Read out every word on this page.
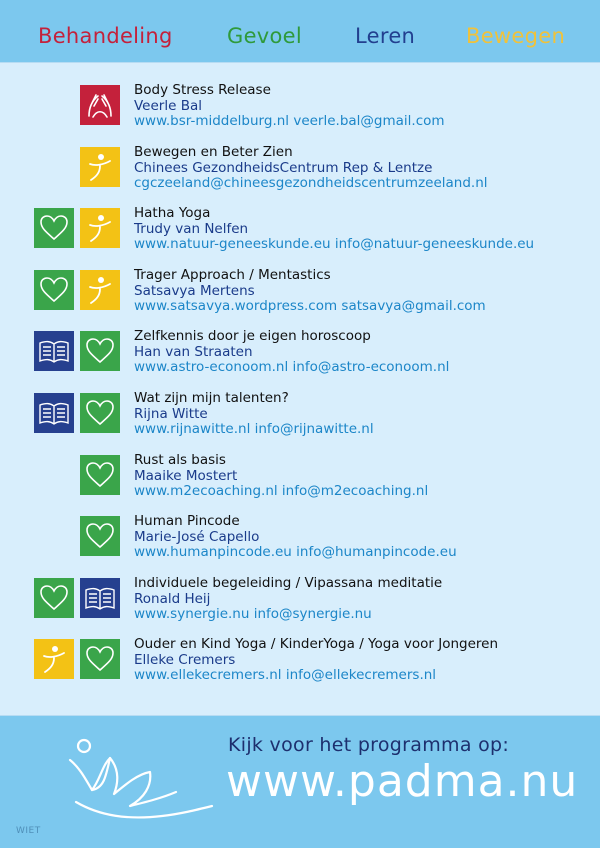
Behandeling	Gevoel	Leren Bewegen
Body Stress Release
Veerle Bal
www.bsr-middelburg.nl veerle.bal@gmail.com
Bewegen en Beter Zien
Chinees GezondheidsCentrum Rep & Lentze
cgczeeland@chineesgezondheidscentrumzeeland.nl
Hatha Yoga
Trudy van Nelfen
www.natuur-geneeskunde.eu info@natuur-geneeskunde.eu
Trager Approach / Mentastics
Satsavya Mertens
www.satsavya.wordpress.com satsavya@gmail.com
Zelfkennis door je eigen horoscoop
Han van Straaten
www.astro-econoom.nl info@astro-econoom.nl
Wat zijn mijn talenten?
Rijna Witte
www.rijnawitte.nl info@rijnawitte.nl
Rust als basis
Maaike Mostert
www.m2ecoaching.nl info@m2ecoaching.nl
Human Pincode
Marie-José Capello
www.humanpincode.eu info@humanpincode.eu
Individuele begeleiding / Vipassana meditatie
Ronald Heij
www.synergie.nu info@synergie.nu
Ouder en Kind Yoga / KinderYoga / Yoga voor Jongeren
Elleke Cremers
www.ellekecremers.nl info@ellekecremers.nl
Kijk voor het programma op:
www.padma.nu
WIET
